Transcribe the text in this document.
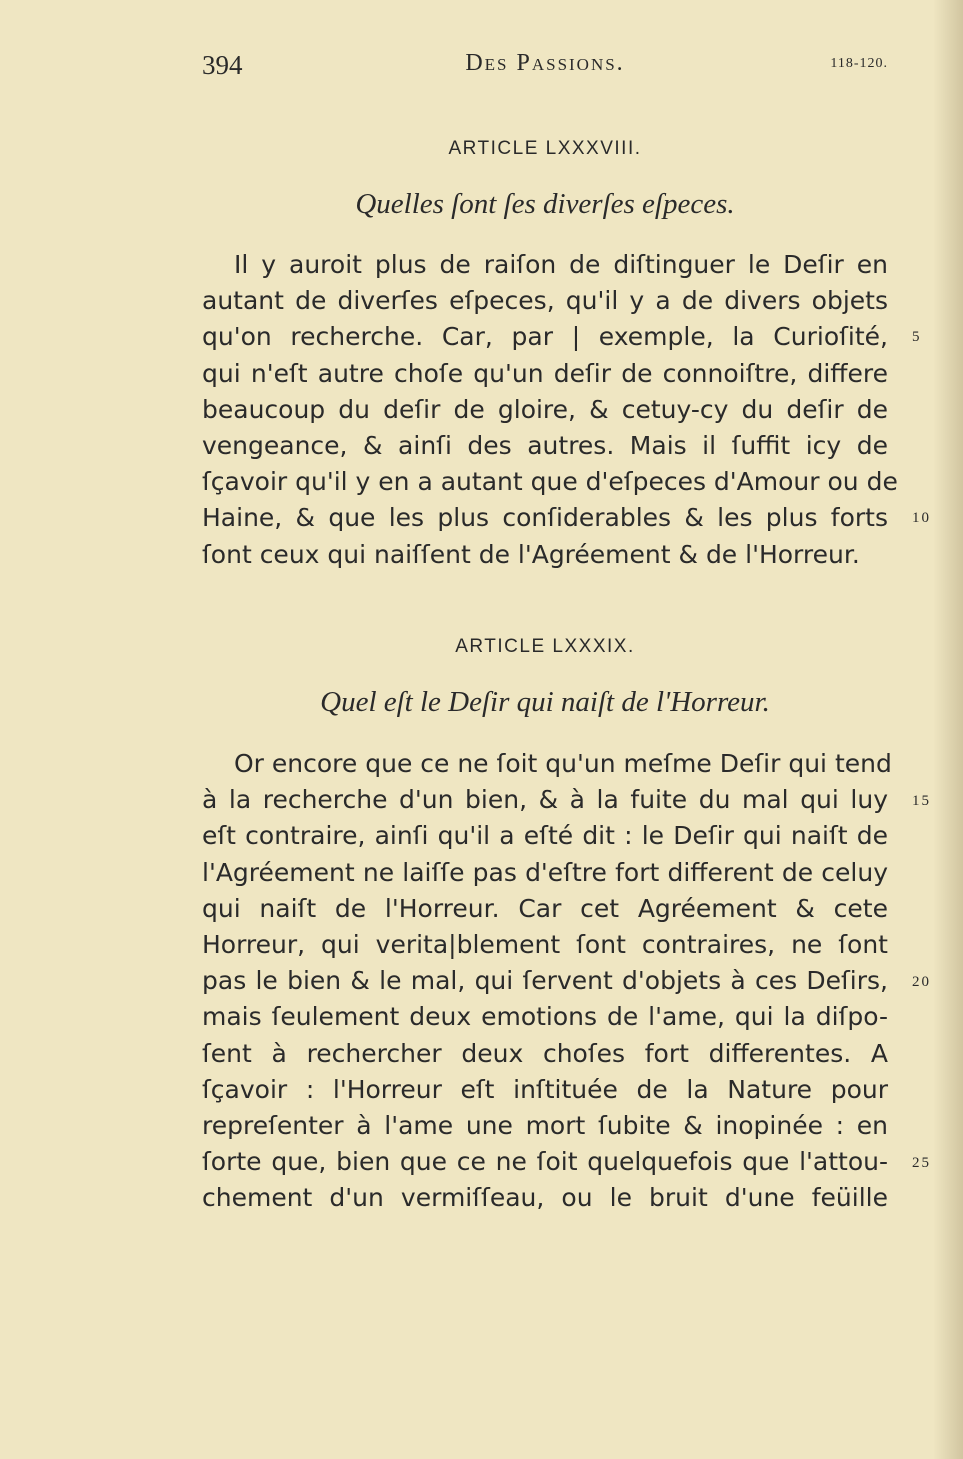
394	Des Passions.	118-120.
ARTICLE LXXXVIII.
Quelles ſont ſes diverſes eſpeces.
Il y auroit plus de raiſon de diſtinguer le Deſir en
autant de diverſes eſpeces, qu'il y a de divers objets
qu'on recherche. Car, par | exemple, la Curioſité,
qui n'eſt autre choſe qu'un deſir de connoiſtre, differe
beaucoup du deſir de gloire, & cetuy-cy du deſir de
vengeance, & ainſi des autres. Mais il ſuffit icy de
ſçavoir qu'il y en a autant que d'eſpeces d'Amour ou de
Haine, & que les plus conſiderables & les plus forts
ſont ceux qui naiſſent de l'Agréement & de l'Horreur.
ARTICLE LXXXIX.
Quel eſt le Deſir qui naiſt de l'Horreur.
Or encore que ce ne ſoit qu'un meſme Deſir qui tend
à la recherche d'un bien, & à la fuite du mal qui luy
eſt contraire, ainſi qu'il a eſté dit : le Deſir qui naiſt de
l'Agréement ne laiſſe pas d'eſtre fort different de celuy
qui naiſt de l'Horreur. Car cet Agréement & cete
Horreur, qui verita|blement ſont contraires, ne ſont
pas le bien & le mal, qui ſervent d'objets à ces Deſirs,
mais ſeulement deux emotions de l'ame, qui la diſpo-
ſent à rechercher deux choſes fort differentes. A
ſçavoir : l'Horreur eſt inſtituée de la Nature pour
repreſenter à l'ame une mort ſubite & inopinée : en
ſorte que, bien que ce ne ſoit quelquefois que l'attou-
chement d'un vermiſſeau, ou le bruit d'une feüille
5
10
15
20
25
